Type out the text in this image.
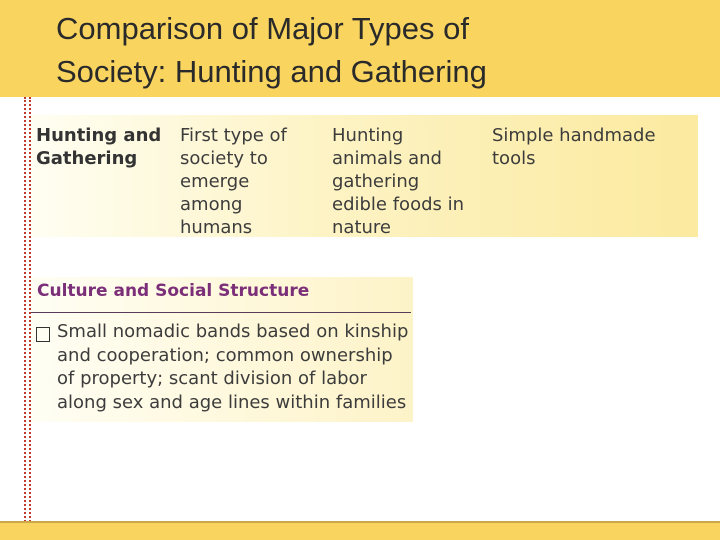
Comparison of Major Types of
Society: Hunting and Gathering
Hunting and Gathering
First type of society to emerge among humans
Hunting animals and gathering edible foods in nature
Simple handmade tools
Culture and Social Structure
Small nomadic bands based on kinship and cooperation; common ownership of property; scant division of labor along sex and age lines within families
